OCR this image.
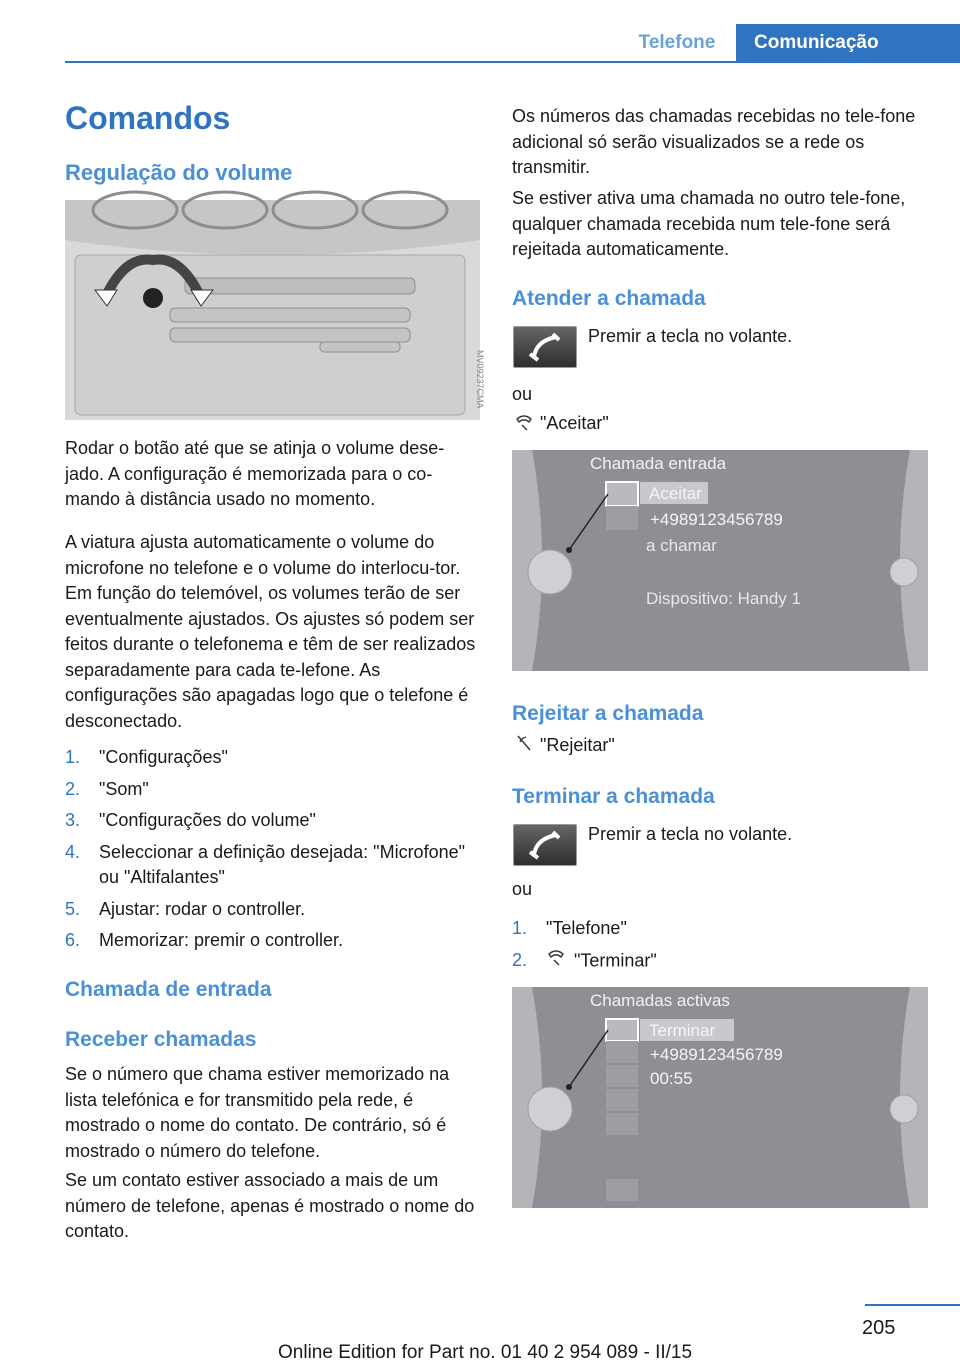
Telefone	Comunicação
Comandos
Regulação do volume
MV09237CMA
Rodar o botão até que se atinja o volume dese-jado. A configuração é memorizada para o co-mando à distância usado no momento.
A viatura ajusta automaticamente o volume do microfone no telefone e o volume do interlocu-tor. Em função do telemóvel, os volumes terão de ser eventualmente ajustados. Os ajustes só podem ser feitos durante o telefonema e têm de ser realizados separadamente para cada te-lefone. As configurações são apagadas logo que o telefone é desconectado.
1. "Configurações"
2. "Som"
3. "Configurações do volume"
4. Seleccionar a definição desejada: "Microfone" ou "Altifalantes"
5. Ajustar: rodar o controller.
6. Memorizar: premir o controller.
Chamada de entrada
Receber chamadas
Se o número que chama estiver memorizado na lista telefónica e for transmitido pela rede, é mostrado o nome do contato. De contrário, só é mostrado o número do telefone.
Se um contato estiver associado a mais de um número de telefone, apenas é mostrado o nome do contato.
Os números das chamadas recebidas no tele-fone adicional só serão visualizados se a rede os transmitir.
Se estiver ativa uma chamada no outro tele-fone, qualquer chamada recebida num tele-fone será rejeitada automaticamente.
Atender a chamada
Premir a tecla no volante.
ou
"Aceitar"
Chamada entrada
Aceitar
+4989123456789
a chamar
Dispositivo: Handy 1
Rejeitar a chamada
"Rejeitar"
Terminar a chamada
Premir a tecla no volante.
ou
1. "Telefone"
2.	"Terminar"
Chamadas activas
Terminar
+4989123456789
00:55
205
Online Edition for Part no. 01 40 2 954 089 - II/15
